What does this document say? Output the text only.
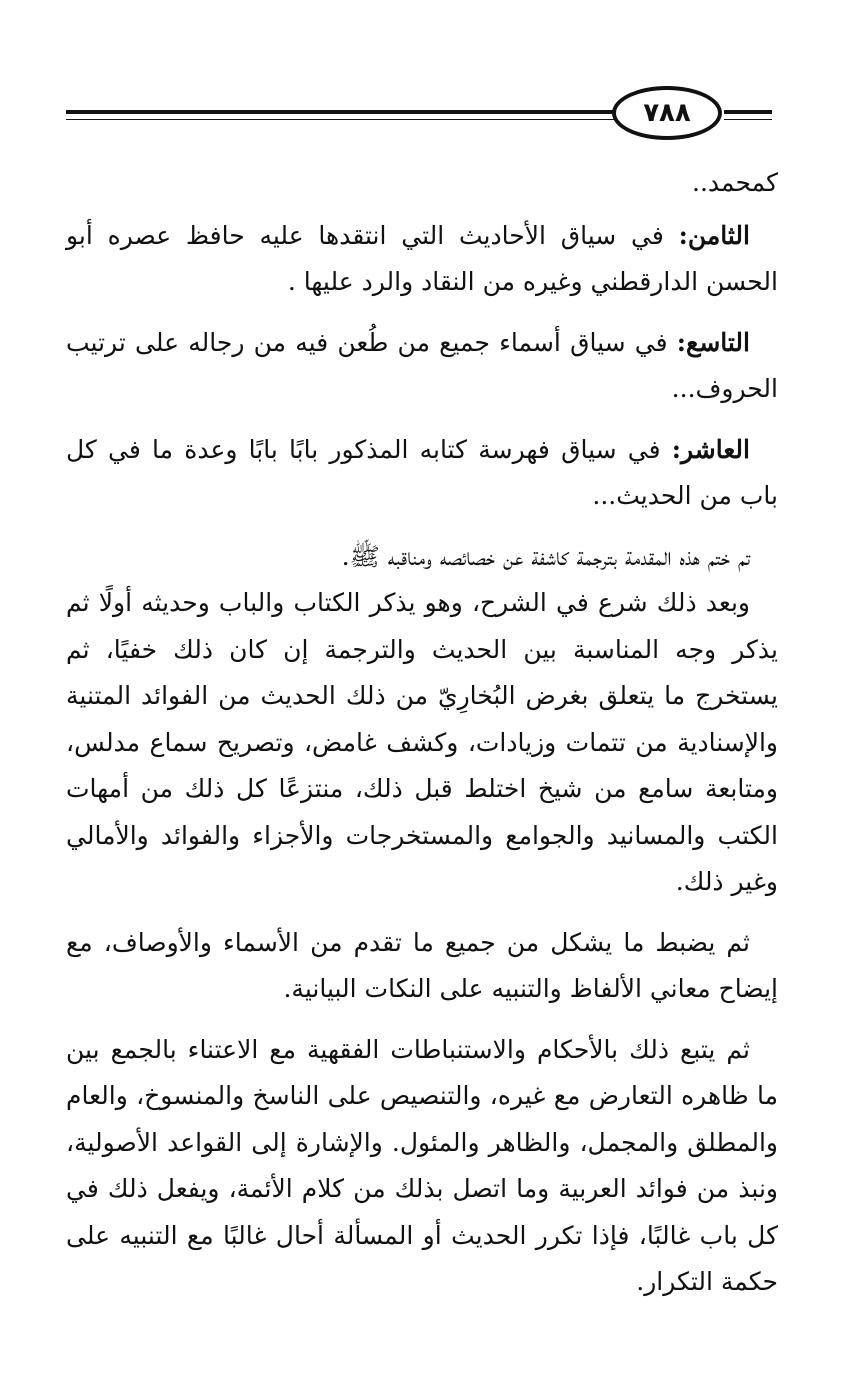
٧٨٨

كمحمد..

الثامن: في سياق الأحاديث التي انتقدها عليه حافظ عصره أبو الحسن الدارقطني وغيره من النقاد والرد عليها .

التاسع: في سياق أسماء جميع من طُعن فيه من رجاله على ترتيب الحروف...

العاشر: في سياق فهرسة كتابه المذكور بابًا بابًا وعدة ما في كل باب من الحديث...

تم ختم هذه المقدمة بترجمة كاشفة عن خصائصه ومناقبه ﷺ.

وبعد ذلك شرع في الشرح، وهو يذكر الكتاب والباب وحديثه أولًا ثم يذكر وجه المناسبة بين الحديث والترجمة إن كان ذلك خفيًا، ثم يستخرج ما يتعلق بغرض البُخارِيّ من ذلك الحديث من الفوائد المتنية والإسنادية من تتمات وزيادات، وكشف غامض، وتصريح سماع مدلس، ومتابعة سامع من شيخ اختلط قبل ذلك، منتزعًا كل ذلك من أمهات الكتب والمسانيد والجوامع والمستخرجات والأجزاء والفوائد والأمالي وغير ذلك.

ثم يضبط ما يشكل من جميع ما تقدم من الأسماء والأوصاف، مع إيضاح معاني الألفاظ والتنبيه على النكات البيانية.

ثم يتبع ذلك بالأحكام والاستنباطات الفقهية مع الاعتناء بالجمع بين ما ظاهره التعارض مع غيره، والتنصيص على الناسخ والمنسوخ، والعام والمطلق والمجمل، والظاهر والمئول. والإشارة إلى القواعد الأصولية، ونبذ من فوائد العربية وما اتصل بذلك من كلام الأئمة، ويفعل ذلك في كل باب غالبًا، فإذا تكرر الحديث أو المسألة أحال غالبًا مع التنبيه على حكمة التكرار.
